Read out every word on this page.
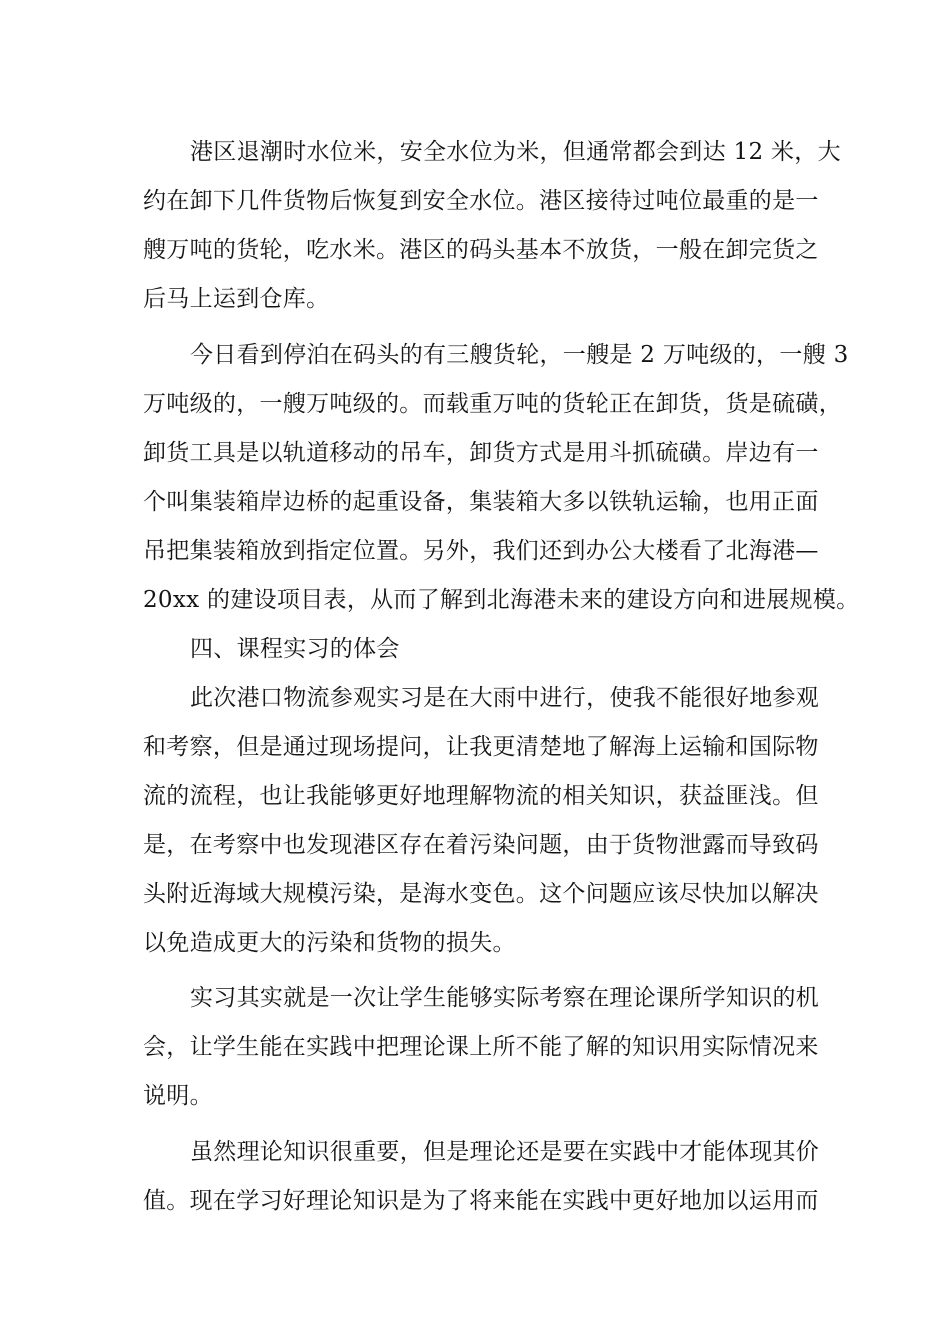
港区退潮时水位米，安全水位为米，但通常都会到达 12 米，大
约在卸下几件货物后恢复到安全水位。港区接待过吨位最重的是一
艘万吨的货轮，吃水米。港区的码头基本不放货，一般在卸完货之
后马上运到仓库。
今日看到停泊在码头的有三艘货轮，一艘是 2 万吨级的，一艘 3
万吨级的，一艘万吨级的。而载重万吨的货轮正在卸货，货是硫磺，
卸货工具是以轨道移动的吊车，卸货方式是用斗抓硫磺。岸边有一
个叫集装箱岸边桥的起重设备，集装箱大多以铁轨运输，也用正面
吊把集装箱放到指定位置。另外，我们还到办公大楼看了北海港—
20xx 的建设项目表，从而了解到北海港未来的建设方向和进展规模。
四、课程实习的体会
此次港口物流参观实习是在大雨中进行，使我不能很好地参观
和考察，但是通过现场提问，让我更清楚地了解海上运输和国际物
流的流程，也让我能够更好地理解物流的相关知识，获益匪浅。但
是，在考察中也发现港区存在着污染问题，由于货物泄露而导致码
头附近海域大规模污染，是海水变色。这个问题应该尽快加以解决
以免造成更大的污染和货物的损失。
实习其实就是一次让学生能够实际考察在理论课所学知识的机
会，让学生能在实践中把理论课上所不能了解的知识用实际情况来
说明。
虽然理论知识很重要，但是理论还是要在实践中才能体现其价
值。现在学习好理论知识是为了将来能在实践中更好地加以运用而
